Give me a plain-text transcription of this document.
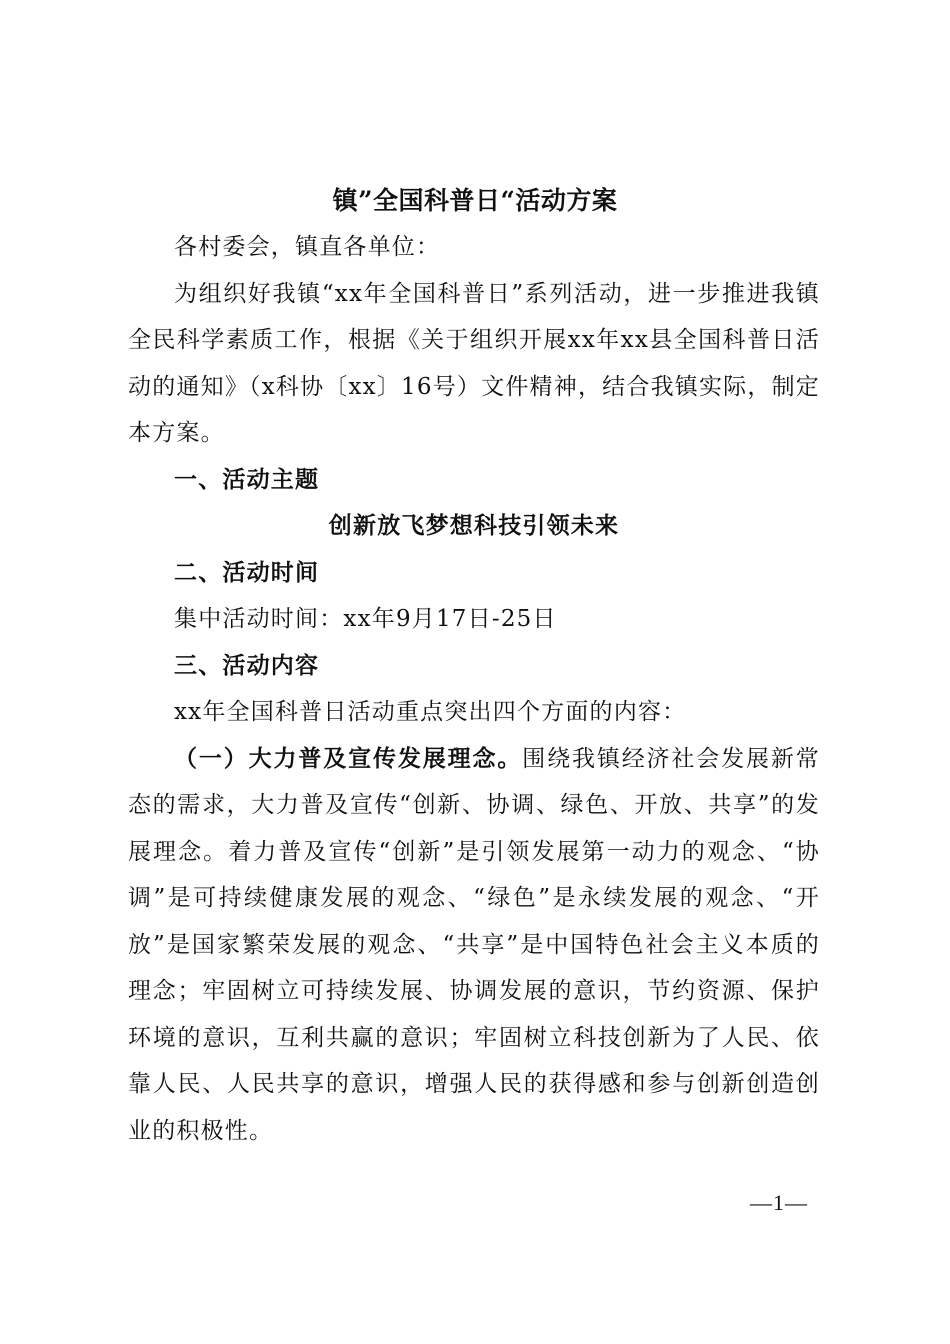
镇”全国科普日“活动方案

各村委会，镇直各单位：

为组织好我镇“xx年全国科普日”系列活动，进一步推进我镇全民科学素质工作，根据《关于组织开展xx年xx县全国科普日活动的通知》（x科协〔xx〕16号）文件精神，结合我镇实际，制定本方案。

一、活动主题

创新放飞梦想科技引领未来

二、活动时间

集中活动时间：xx年9月17日-25日

三、活动内容

xx年全国科普日活动重点突出四个方面的内容：

（一）大力普及宣传发展理念。围绕我镇经济社会发展新常态的需求，大力普及宣传“创新、协调、绿色、开放、共享”的发展理念。着力普及宣传“创新”是引领发展第一动力的观念、“协调”是可持续健康发展的观念、“绿色”是永续发展的观念、“开放”是国家繁荣发展的观念、“共享”是中国特色社会主义本质的理念；牢固树立可持续发展、协调发展的意识，节约资源、保护环境的意识，互利共赢的意识；牢固树立科技创新为了人民、依靠人民、人民共享的意识，增强人民的获得感和参与创新创造创业的积极性。

—1—
